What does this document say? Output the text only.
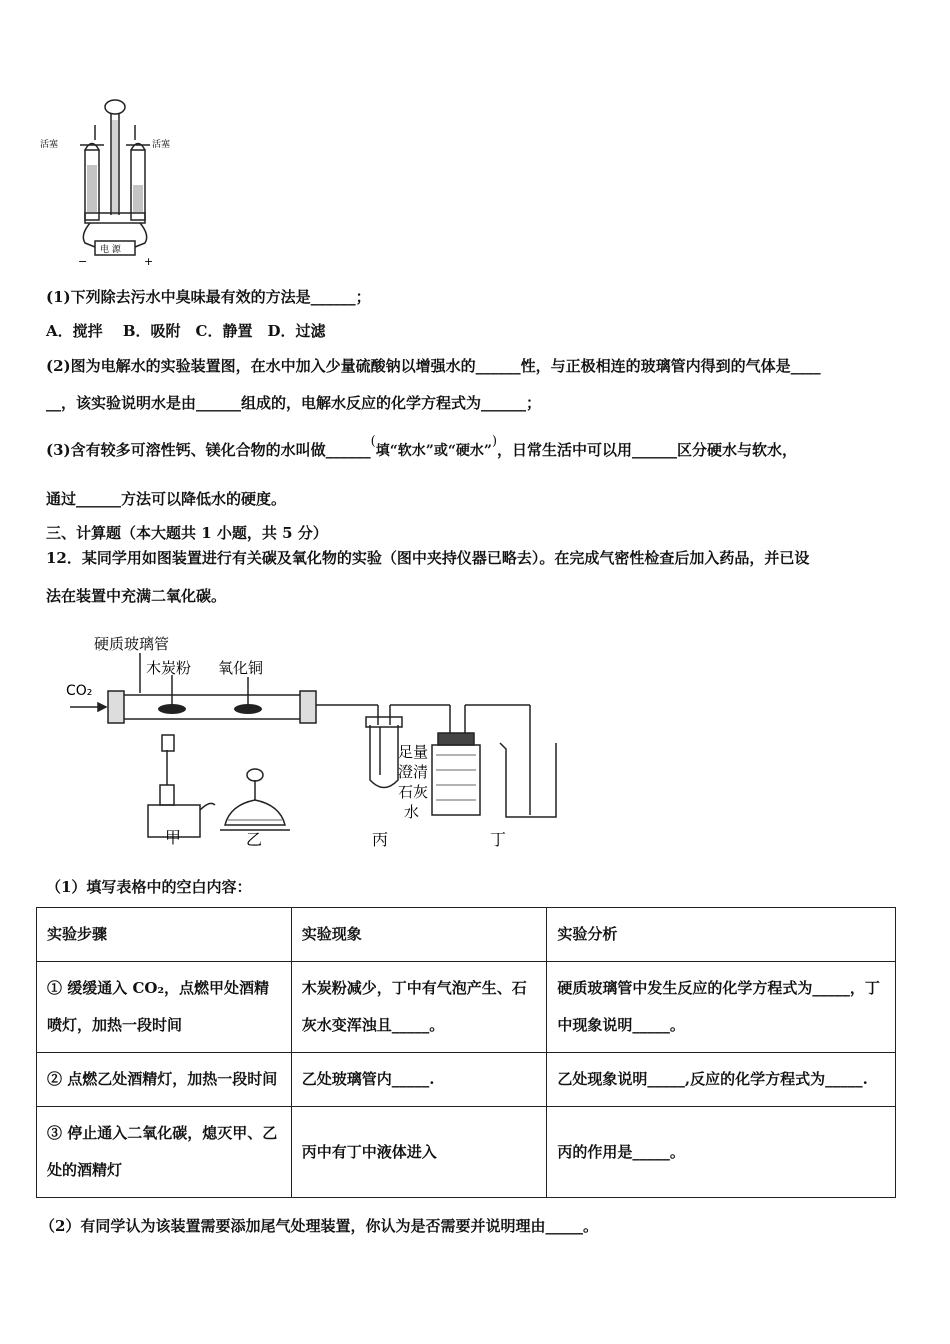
活塞	活塞
电 源
−	+
(1)下列除去污水中臭味最有效的方法是______；
A．搅拌　 B．吸附　C．静置　D．过滤
(2)图为电解水的实验装置图，在水中加入少量硫酸钠以增强水的______性，与正极相连的玻璃管内得到的气体是____
__，该实验说明水是由______组成的，电解水反应的化学方程式为______；
(3)含有较多可溶性钙、镁化合物的水叫做______(填“软水”或“硬水”)，日常生活中可以用______区分硬水与软水，
通过______方法可以降低水的硬度。
三、计算题（本大题共 1 小题，共 5 分）
12．某同学用如图装置进行有关碳及氧化物的实验（图中夹持仪器已略去）。在完成气密性检查后加入药品，并已设
法在装置中充满二氧化碳。
硬质玻璃管
木炭粉 氧化铜
CO₂
足量
澄清
石灰
水
甲	乙	丙	丁
（1）填写表格中的空白内容：
实验步骤	实验现象	实验分析
① 缓缓通入 CO₂，点燃甲处酒精喷灯，加热一段时间	木炭粉减少，丁中有气泡产生、石灰水变浑浊且_____。	硬质玻璃管中发生反应的化学方程式为_____，丁中现象说明_____。
② 点燃乙处酒精灯，加热一段时间	乙处玻璃管内_____.	乙处现象说明_____,反应的化学方程式为_____.
③ 停止通入二氧化碳，熄灭甲、乙处的酒精灯	丙中有丁中液体进入	丙的作用是_____。
（2）有同学认为该装置需要添加尾气处理装置，你认为是否需要并说明理由_____。
